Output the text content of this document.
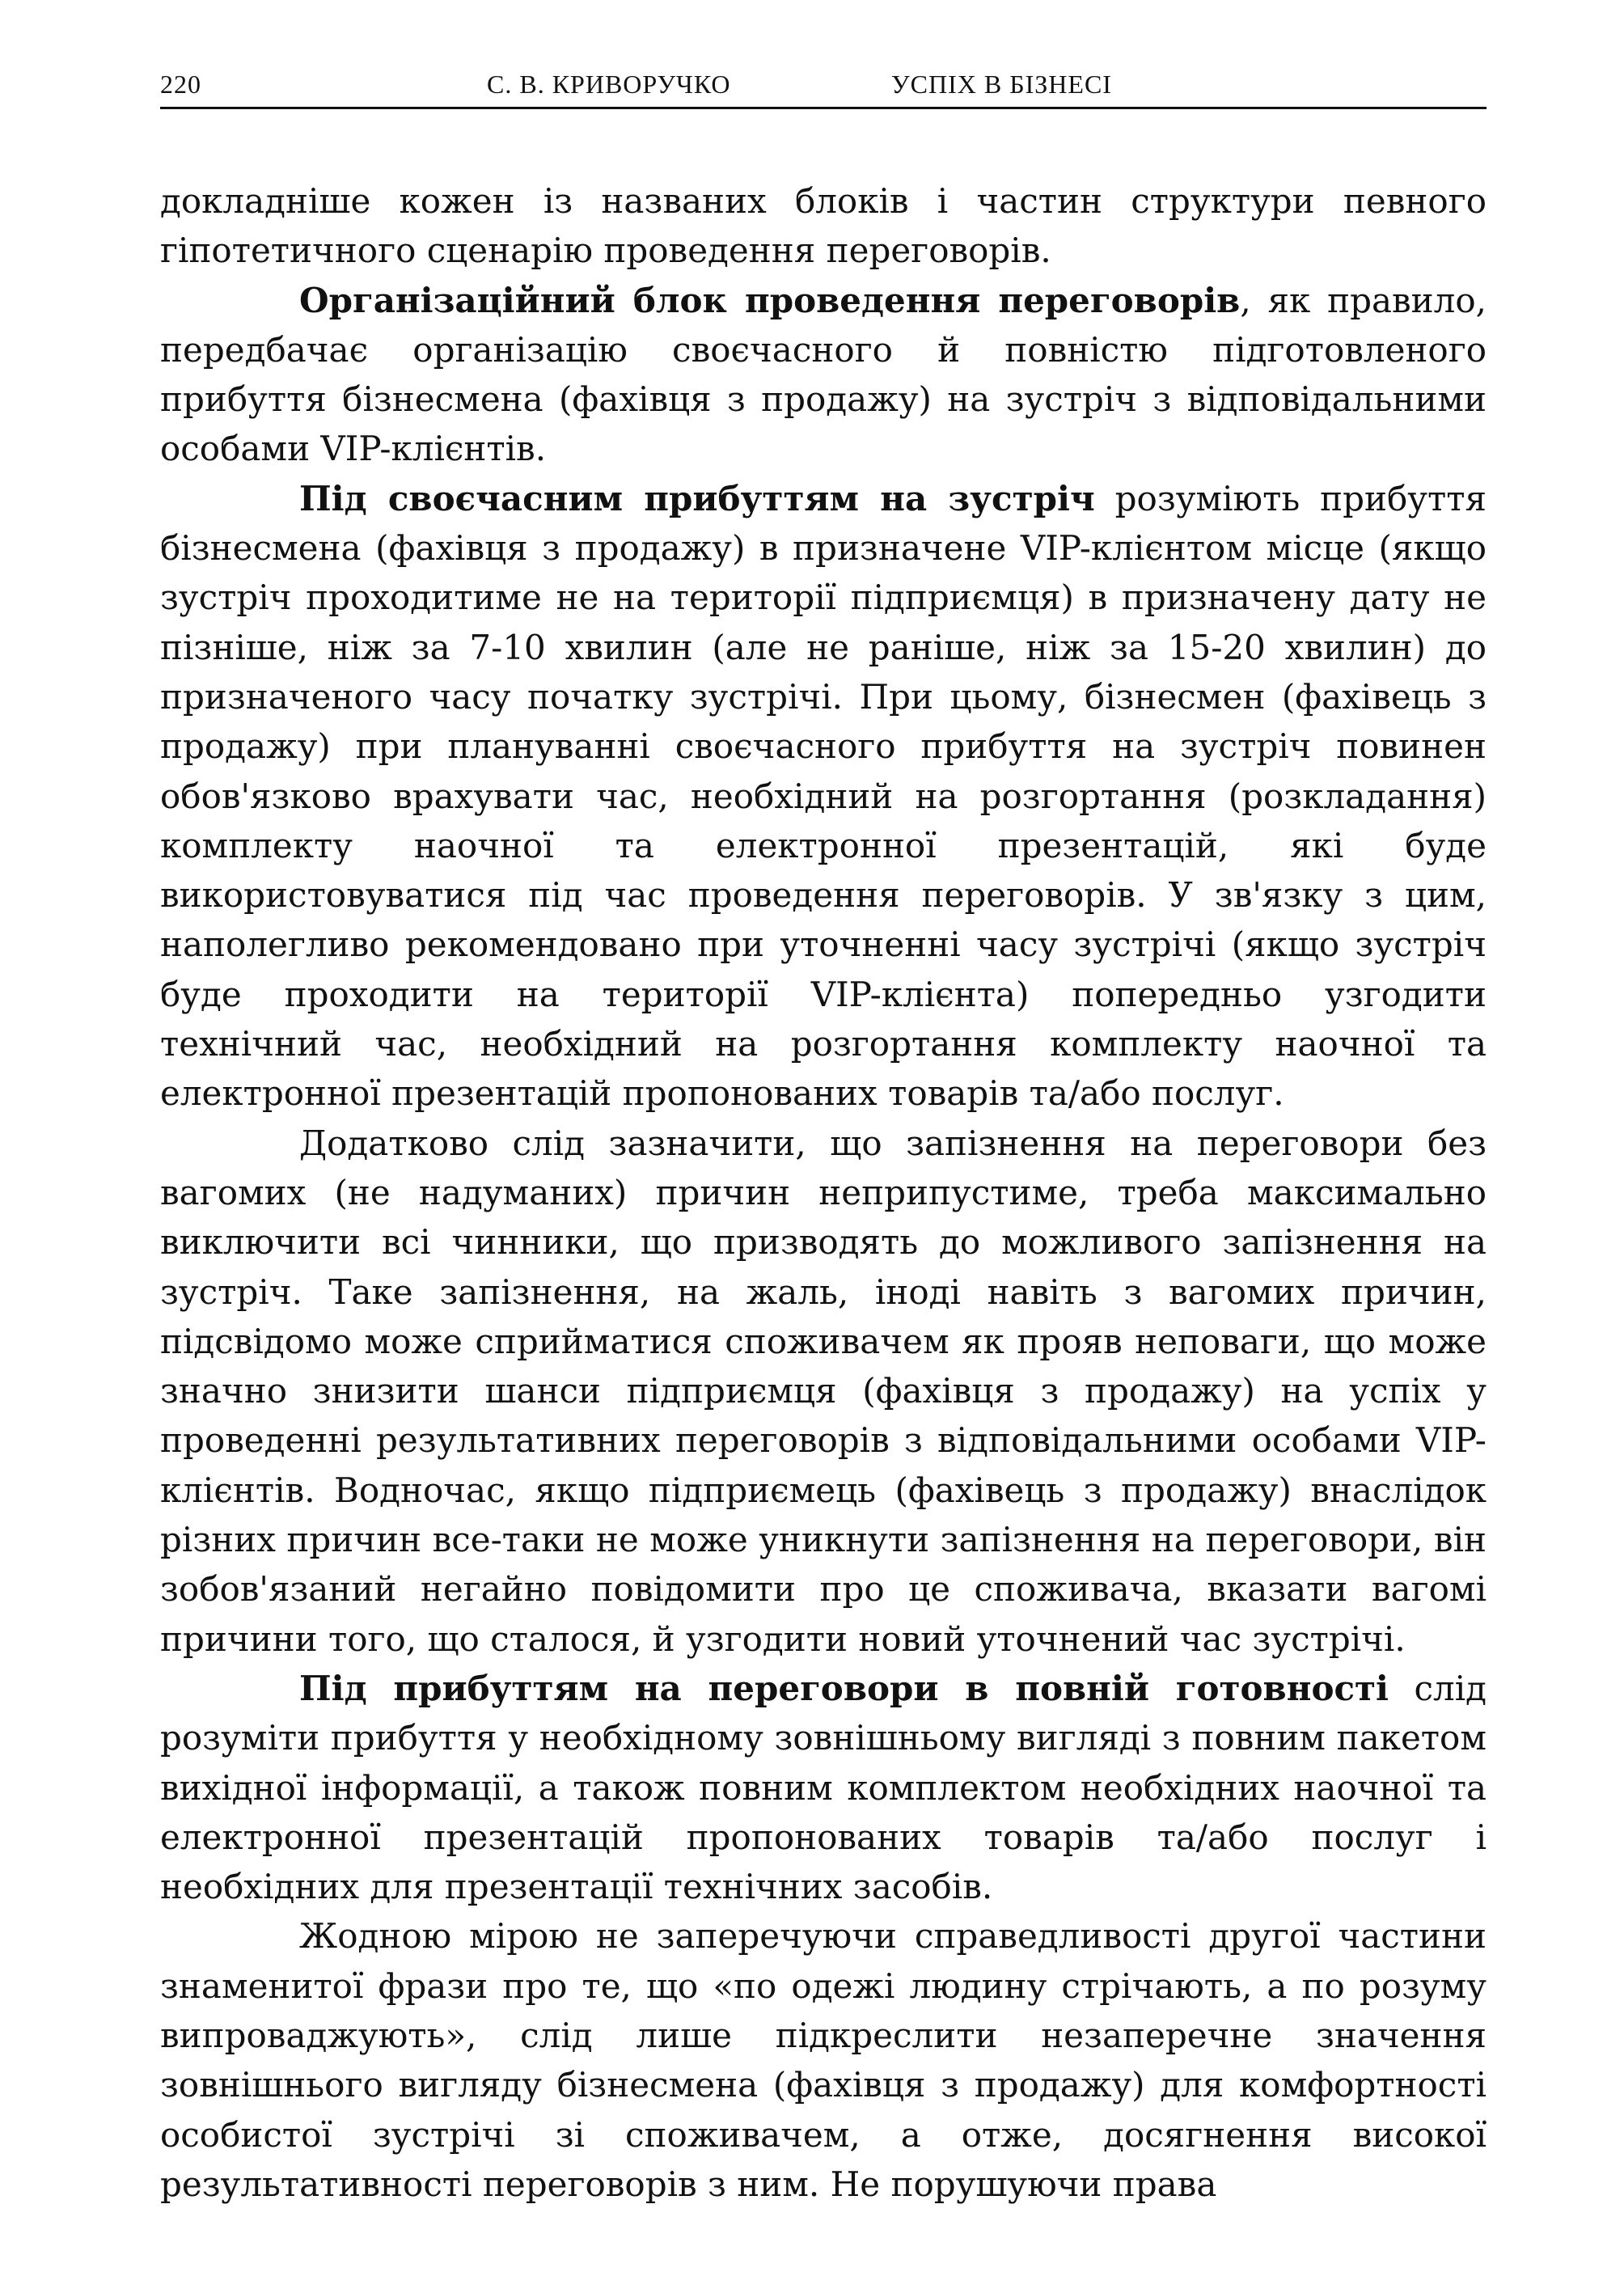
220	С. В. КРИВОРУЧКО	УСПІХ В БІЗНЕСІ

докладніше кожен із названих блоків і частин структури певного гіпотетичного сценарію проведення переговорів.

Організаційний блок проведення переговорів, як правило, передбачає організацію своєчасного й повністю підготовленого прибуття бізнесмена (фахівця з продажу) на зустріч з відповідальними особами VIP-клієнтів.

Під своєчасним прибуттям на зустріч розуміють прибуття бізнесмена (фахівця з продажу) в призначене VIP-клієнтом місце (якщо зустріч проходитиме не на території підприємця) в призначену дату не пізніше, ніж за 7-10 хвилин (але не раніше, ніж за 15-20 хвилин) до призначеного часу початку зустрічі. При цьому, бізнесмен (фахівець з продажу) при плануванні своєчасного прибуття на зустріч повинен обов'язково врахувати час, необхідний на розгортання (розкладання) комплекту наочної та електронної презентацій, які буде використовуватися під час проведення переговорів. У зв'язку з цим, наполегливо рекомендовано при уточненні часу зустрічі (якщо зустріч буде проходити на території VIP-клієнта) попередньо узгодити технічний час, необхідний на розгортання комплекту наочної та електронної презентацій пропонованих товарів та/або послуг.

Додатково слід зазначити, що запізнення на переговори без вагомих (не надуманих) причин неприпустиме, треба максимально виключити всі чинники, що призводять до можливого запізнення на зустріч. Таке запізнення, на жаль, іноді навіть з вагомих причин, підсвідомо може сприйматися споживачем як прояв неповаги, що може значно знизити шанси підприємця (фахівця з продажу) на успіх у проведенні результативних переговорів з відповідальними особами VIP-клієнтів. Водночас, якщо підприємець (фахівець з продажу) внаслідок різних причин все-таки не може уникнути запізнення на переговори, він зобов'язаний негайно повідомити про це споживача, вказати вагомі причини того, що сталося, й узгодити новий уточнений час зустрічі.

Під прибуттям на переговори в повній готовності слід розуміти прибуття у необхідному зовнішньому вигляді з повним пакетом вихідної інформації, а також повним комплектом необхідних наочної та електронної презентацій пропонованих товарів та/або послуг і необхідних для презентації технічних засобів.

Жодною мірою не заперечуючи справедливості другої частини знаменитої фрази про те, що «по одежі людину стрічають, а по розуму випроваджують», слід лише підкреслити незаперечне значення зовнішнього вигляду бізнесмена (фахівця з продажу) для комфортності особистої зустрічі зі споживачем, а отже, досягнення високої результативності переговорів з ним. Не порушуючи права
